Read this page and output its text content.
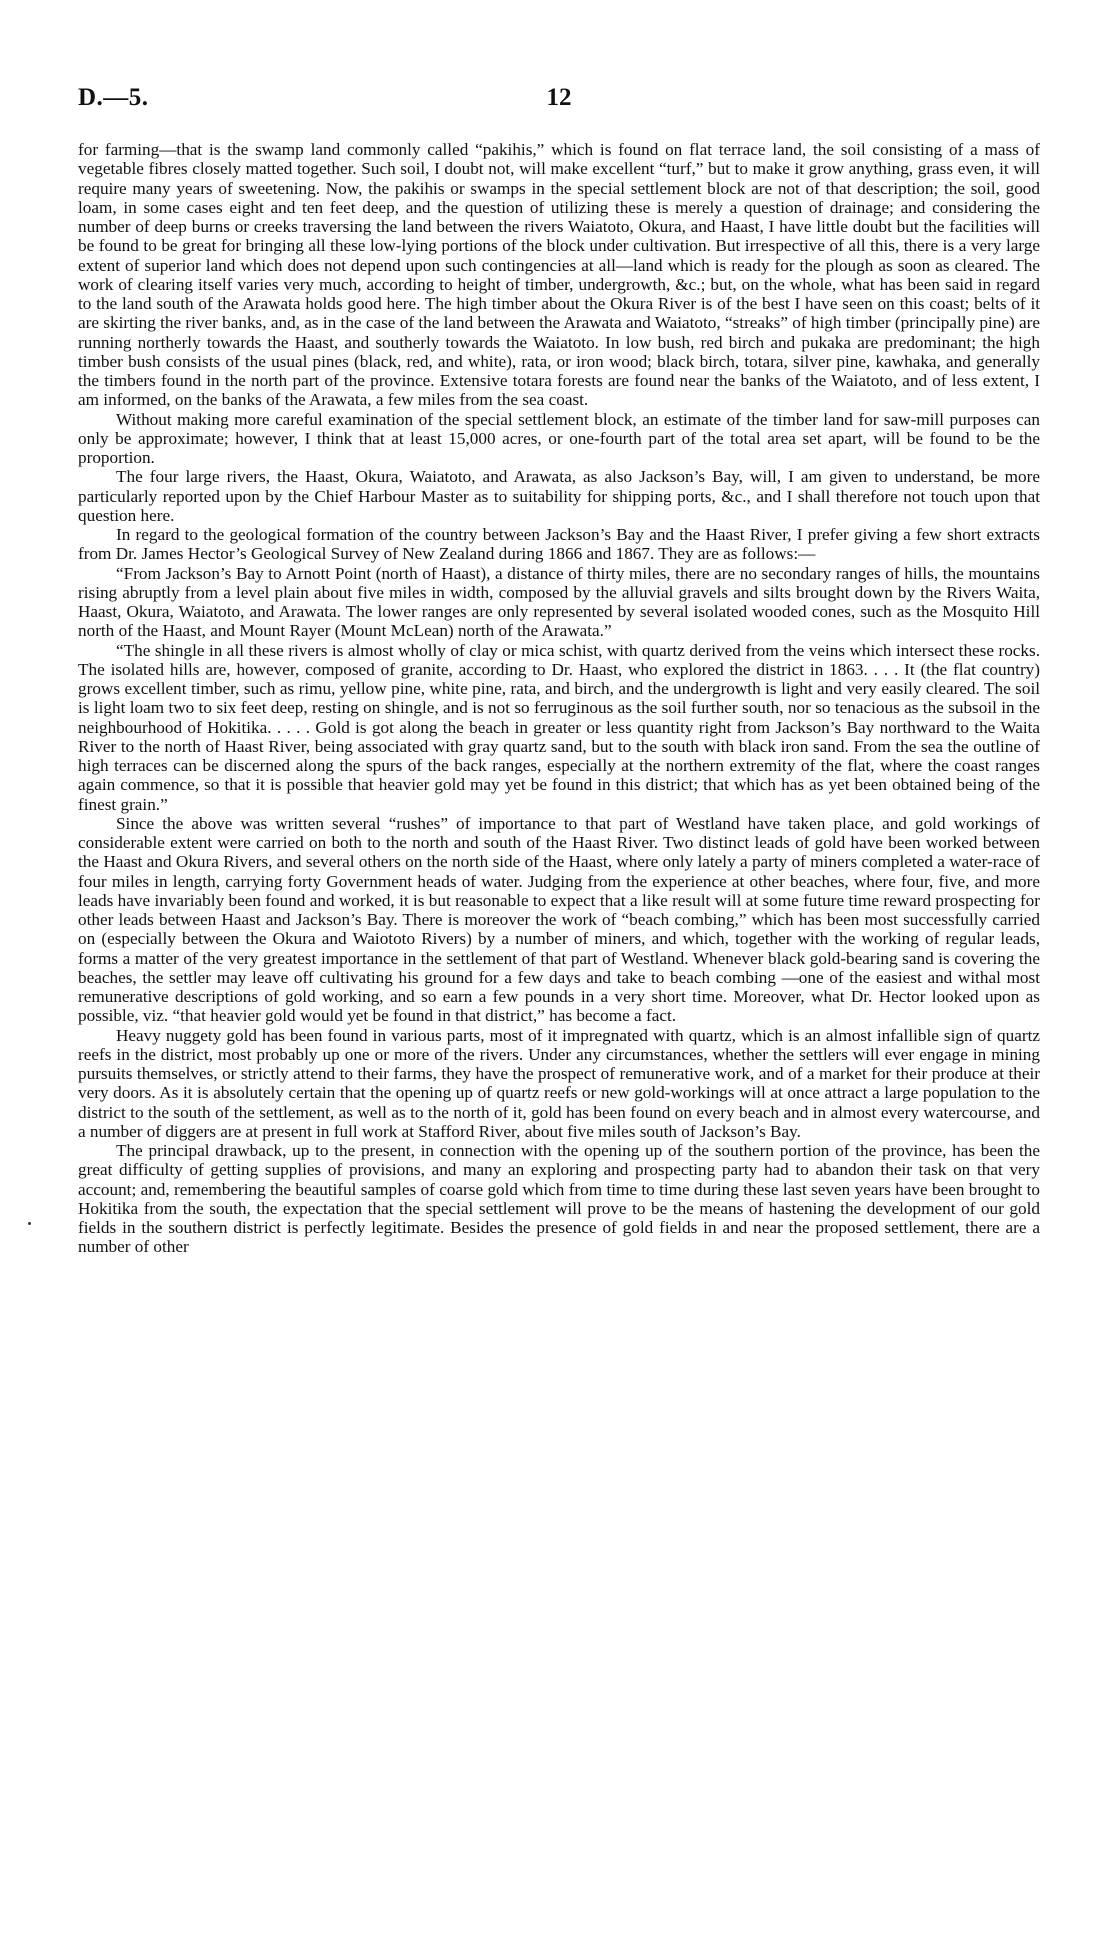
D.—5.	12

for farming—that is the swamp land commonly called “pakihis,” which is found on flat terrace land, the soil consisting of a mass of vegetable fibres closely matted together. Such soil, I doubt not, will make excellent “turf,” but to make it grow anything, grass even, it will require many years of sweetening. Now, the pakihis or swamps in the special settlement block are not of that description; the soil, good loam, in some cases eight and ten feet deep, and the question of utilizing these is merely a question of drainage; and considering the number of deep burns or creeks traversing the land between the rivers Waiatoto, Okura, and Haast, I have little doubt but the facilities will be found to be great for bringing all these low-lying portions of the block under cultivation. But irrespective of all this, there is a very large extent of superior land which does not depend upon such contingencies at all—land which is ready for the plough as soon as cleared. The work of clearing itself varies very much, according to height of timber, undergrowth, &c.; but, on the whole, what has been said in regard to the land south of the Arawata holds good here. The high timber about the Okura River is of the best I have seen on this coast; belts of it are skirting the river banks, and, as in the case of the land between the Arawata and Waiatoto, “streaks” of high timber (principally pine) are running northerly towards the Haast, and southerly towards the Waiatoto. In low bush, red birch and pukaka are predominant; the high timber bush consists of the usual pines (black, red, and white), rata, or iron wood; black birch, totara, silver pine, kawhaka, and generally the timbers found in the north part of the province. Extensive totara forests are found near the banks of the Waiatoto, and of less extent, I am informed, on the banks of the Arawata, a few miles from the sea coast.

Without making more careful examination of the special settlement block, an estimate of the timber land for saw-mill purposes can only be approximate; however, I think that at least 15,000 acres, or one-fourth part of the total area set apart, will be found to be the proportion.

The four large rivers, the Haast, Okura, Waiatoto, and Arawata, as also Jackson’s Bay, will, I am given to understand, be more particularly reported upon by the Chief Harbour Master as to suitability for shipping ports, &c., and I shall therefore not touch upon that question here.

In regard to the geological formation of the country between Jackson’s Bay and the Haast River, I prefer giving a few short extracts from Dr. James Hector’s Geological Survey of New Zealand during 1866 and 1867. They are as follows:—

“From Jackson’s Bay to Arnott Point (north of Haast), a distance of thirty miles, there are no secondary ranges of hills, the mountains rising abruptly from a level plain about five miles in width, composed by the alluvial gravels and silts brought down by the Rivers Waita, Haast, Okura, Waiatoto, and Arawata. The lower ranges are only represented by several isolated wooded cones, such as the Mosquito Hill north of the Haast, and Mount Rayer (Mount McLean) north of the Arawata.”

“The shingle in all these rivers is almost wholly of clay or mica schist, with quartz derived from the veins which intersect these rocks. The isolated hills are, however, composed of granite, according to Dr. Haast, who explored the district in 1863. . . . It (the flat country) grows excellent timber, such as rimu, yellow pine, white pine, rata, and birch, and the undergrowth is light and very easily cleared. The soil is light loam two to six feet deep, resting on shingle, and is not so ferruginous as the soil further south, nor so tenacious as the subsoil in the neighbourhood of Hokitika. . . . . Gold is got along the beach in greater or less quantity right from Jackson’s Bay northward to the Waita River to the north of Haast River, being associated with gray quartz sand, but to the south with black iron sand. From the sea the outline of high terraces can be discerned along the spurs of the back ranges, especially at the northern extremity of the flat, where the coast ranges again commence, so that it is possible that heavier gold may yet be found in this district; that which has as yet been obtained being of the finest grain.”

Since the above was written several “rushes” of importance to that part of Westland have taken place, and gold workings of considerable extent were carried on both to the north and south of the Haast River. Two distinct leads of gold have been worked between the Haast and Okura Rivers, and several others on the north side of the Haast, where only lately a party of miners completed a water-race of four miles in length, carrying forty Government heads of water. Judging from the experience at other beaches, where four, five, and more leads have invariably been found and worked, it is but reasonable to expect that a like result will at some future time reward prospecting for other leads between Haast and Jackson’s Bay. There is moreover the work of “beach combing,” which has been most successfully carried on (especially between the Okura and Waiototo Rivers) by a number of miners, and which, together with the working of regular leads, forms a matter of the very greatest importance in the settlement of that part of Westland. Whenever black gold-bearing sand is covering the beaches, the settler may leave off cultivating his ground for a few days and take to beach combing —one of the easiest and withal most remunerative descriptions of gold working, and so earn a few pounds in a very short time. Moreover, what Dr. Hector looked upon as possible, viz. “that heavier gold would yet be found in that district,” has become a fact.

Heavy nuggety gold has been found in various parts, most of it impregnated with quartz, which is an almost infallible sign of quartz reefs in the district, most probably up one or more of the rivers. Under any circumstances, whether the settlers will ever engage in mining pursuits themselves, or strictly attend to their farms, they have the prospect of remunerative work, and of a market for their produce at their very doors. As it is absolutely certain that the opening up of quartz reefs or new gold-workings will at once attract a large population to the district to the south of the settlement, as well as to the north of it, gold has been found on every beach and in almost every watercourse, and a number of diggers are at present in full work at Stafford River, about five miles south of Jackson’s Bay.

The principal drawback, up to the present, in connection with the opening up of the southern portion of the province, has been the great difficulty of getting supplies of provisions, and many an exploring and prospecting party had to abandon their task on that very account; and, remembering the beautiful samples of coarse gold which from time to time during these last seven years have been brought to Hokitika from the south, the expectation that the special settlement will prove to be the means of hastening the development of our gold fields in the southern district is perfectly legitimate. Besides the presence of gold fields in and near the proposed settlement, there are a number of other
